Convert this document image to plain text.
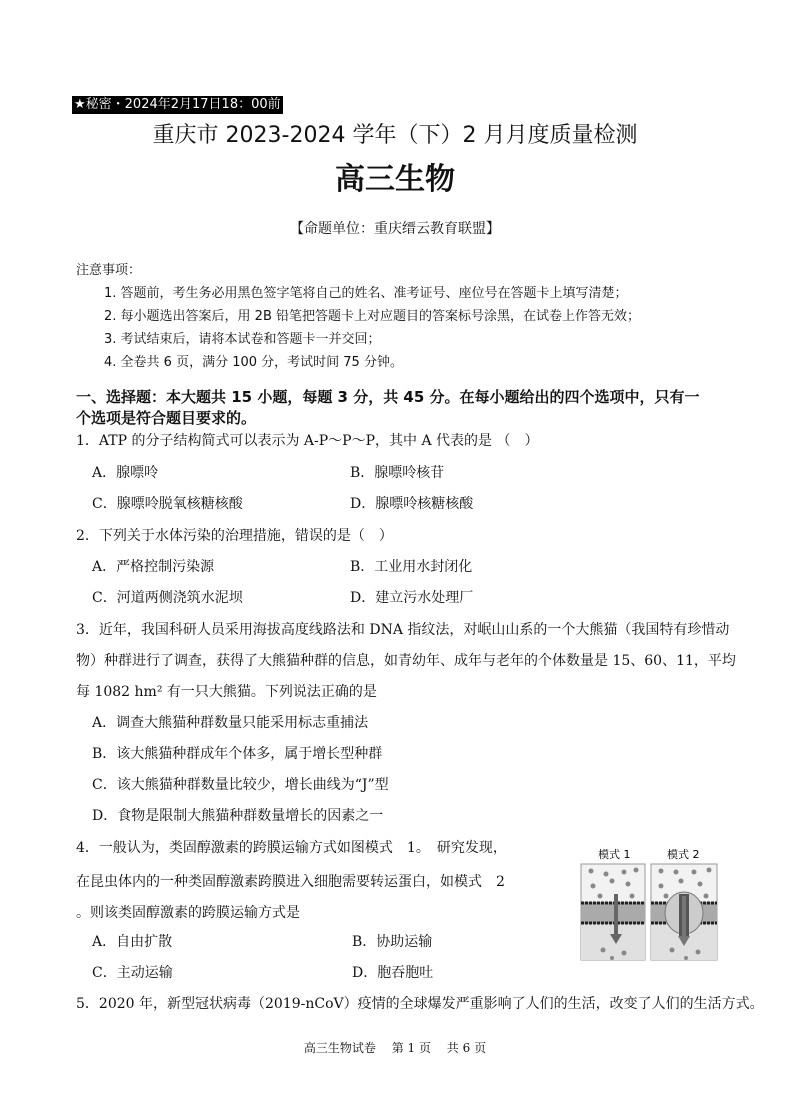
★秘密・2024年2月17日18：00前
重庆市 2023-2024 学年（下）2 月月度质量检测
高三生物
【命题单位：重庆缙云教育联盟】
注意事项：
1. 答题前，考生务必用黑色签字笔将自己的姓名、准考证号、座位号在答题卡上填写清楚；
2. 每小题选出答案后，用 2B 铅笔把答题卡上对应题目的答案标号涂黑，在试卷上作答无效；
3. 考试结束后，请将本试卷和答题卡一并交回；
4. 全卷共 6 页，满分 100 分，考试时间 75 分钟。
一、选择题：本大题共 15 小题，每题 3 分，共 45 分。在每小题给出的四个选项中，只有一
个选项是符合题目要求的。
1．ATP 的分子结构简式可以表示为 A-P～P～P，其中 A 代表的是 （　）
A．腺嘌呤	B．腺嘌呤核苷
C．腺嘌呤脱氧核糖核酸	D．腺嘌呤核糖核酸
2．下列关于水体污染的治理措施，错误的是（　）
A．严格控制污染源	B．工业用水封闭化
C．河道两侧浇筑水泥坝	D．建立污水处理厂
3．近年，我国科研人员采用海拔高度线路法和 DNA 指纹法，对岷山山系的一个大熊猫（我国特有珍惜动
物）种群进行了调查，获得了大熊猫种群的信息，如青幼年、成年与老年的个体数量是 15、60、11，平均
每 1082 hm² 有一只大熊猫。下列说法正确的是
A．调查大熊猫种群数量只能采用标志重捕法
B．该大熊猫种群成年个体多，属于增长型种群
C．该大熊猫种群数量比较少，增长曲线为“J”型
D．食物是限制大熊猫种群数量增长的因素之一
4．一般认为，类固醇激素的跨膜运输方式如图模式　1。　研究发现，
在昆虫体内的一种类固醇激素跨膜进入细胞需要转运蛋白，如模式　2
。则该类固醇激素的跨膜运输方式是
A．自由扩散	B．协助运输
C．主动运输	D．胞吞胞吐
模式 1	模式 2
5．2020 年，新型冠状病毒（2019-nCoV）疫情的全球爆发严重影响了人们的生活，改变了人们的生活方式。
高三生物试卷　 第 1 页　 共 6 页
